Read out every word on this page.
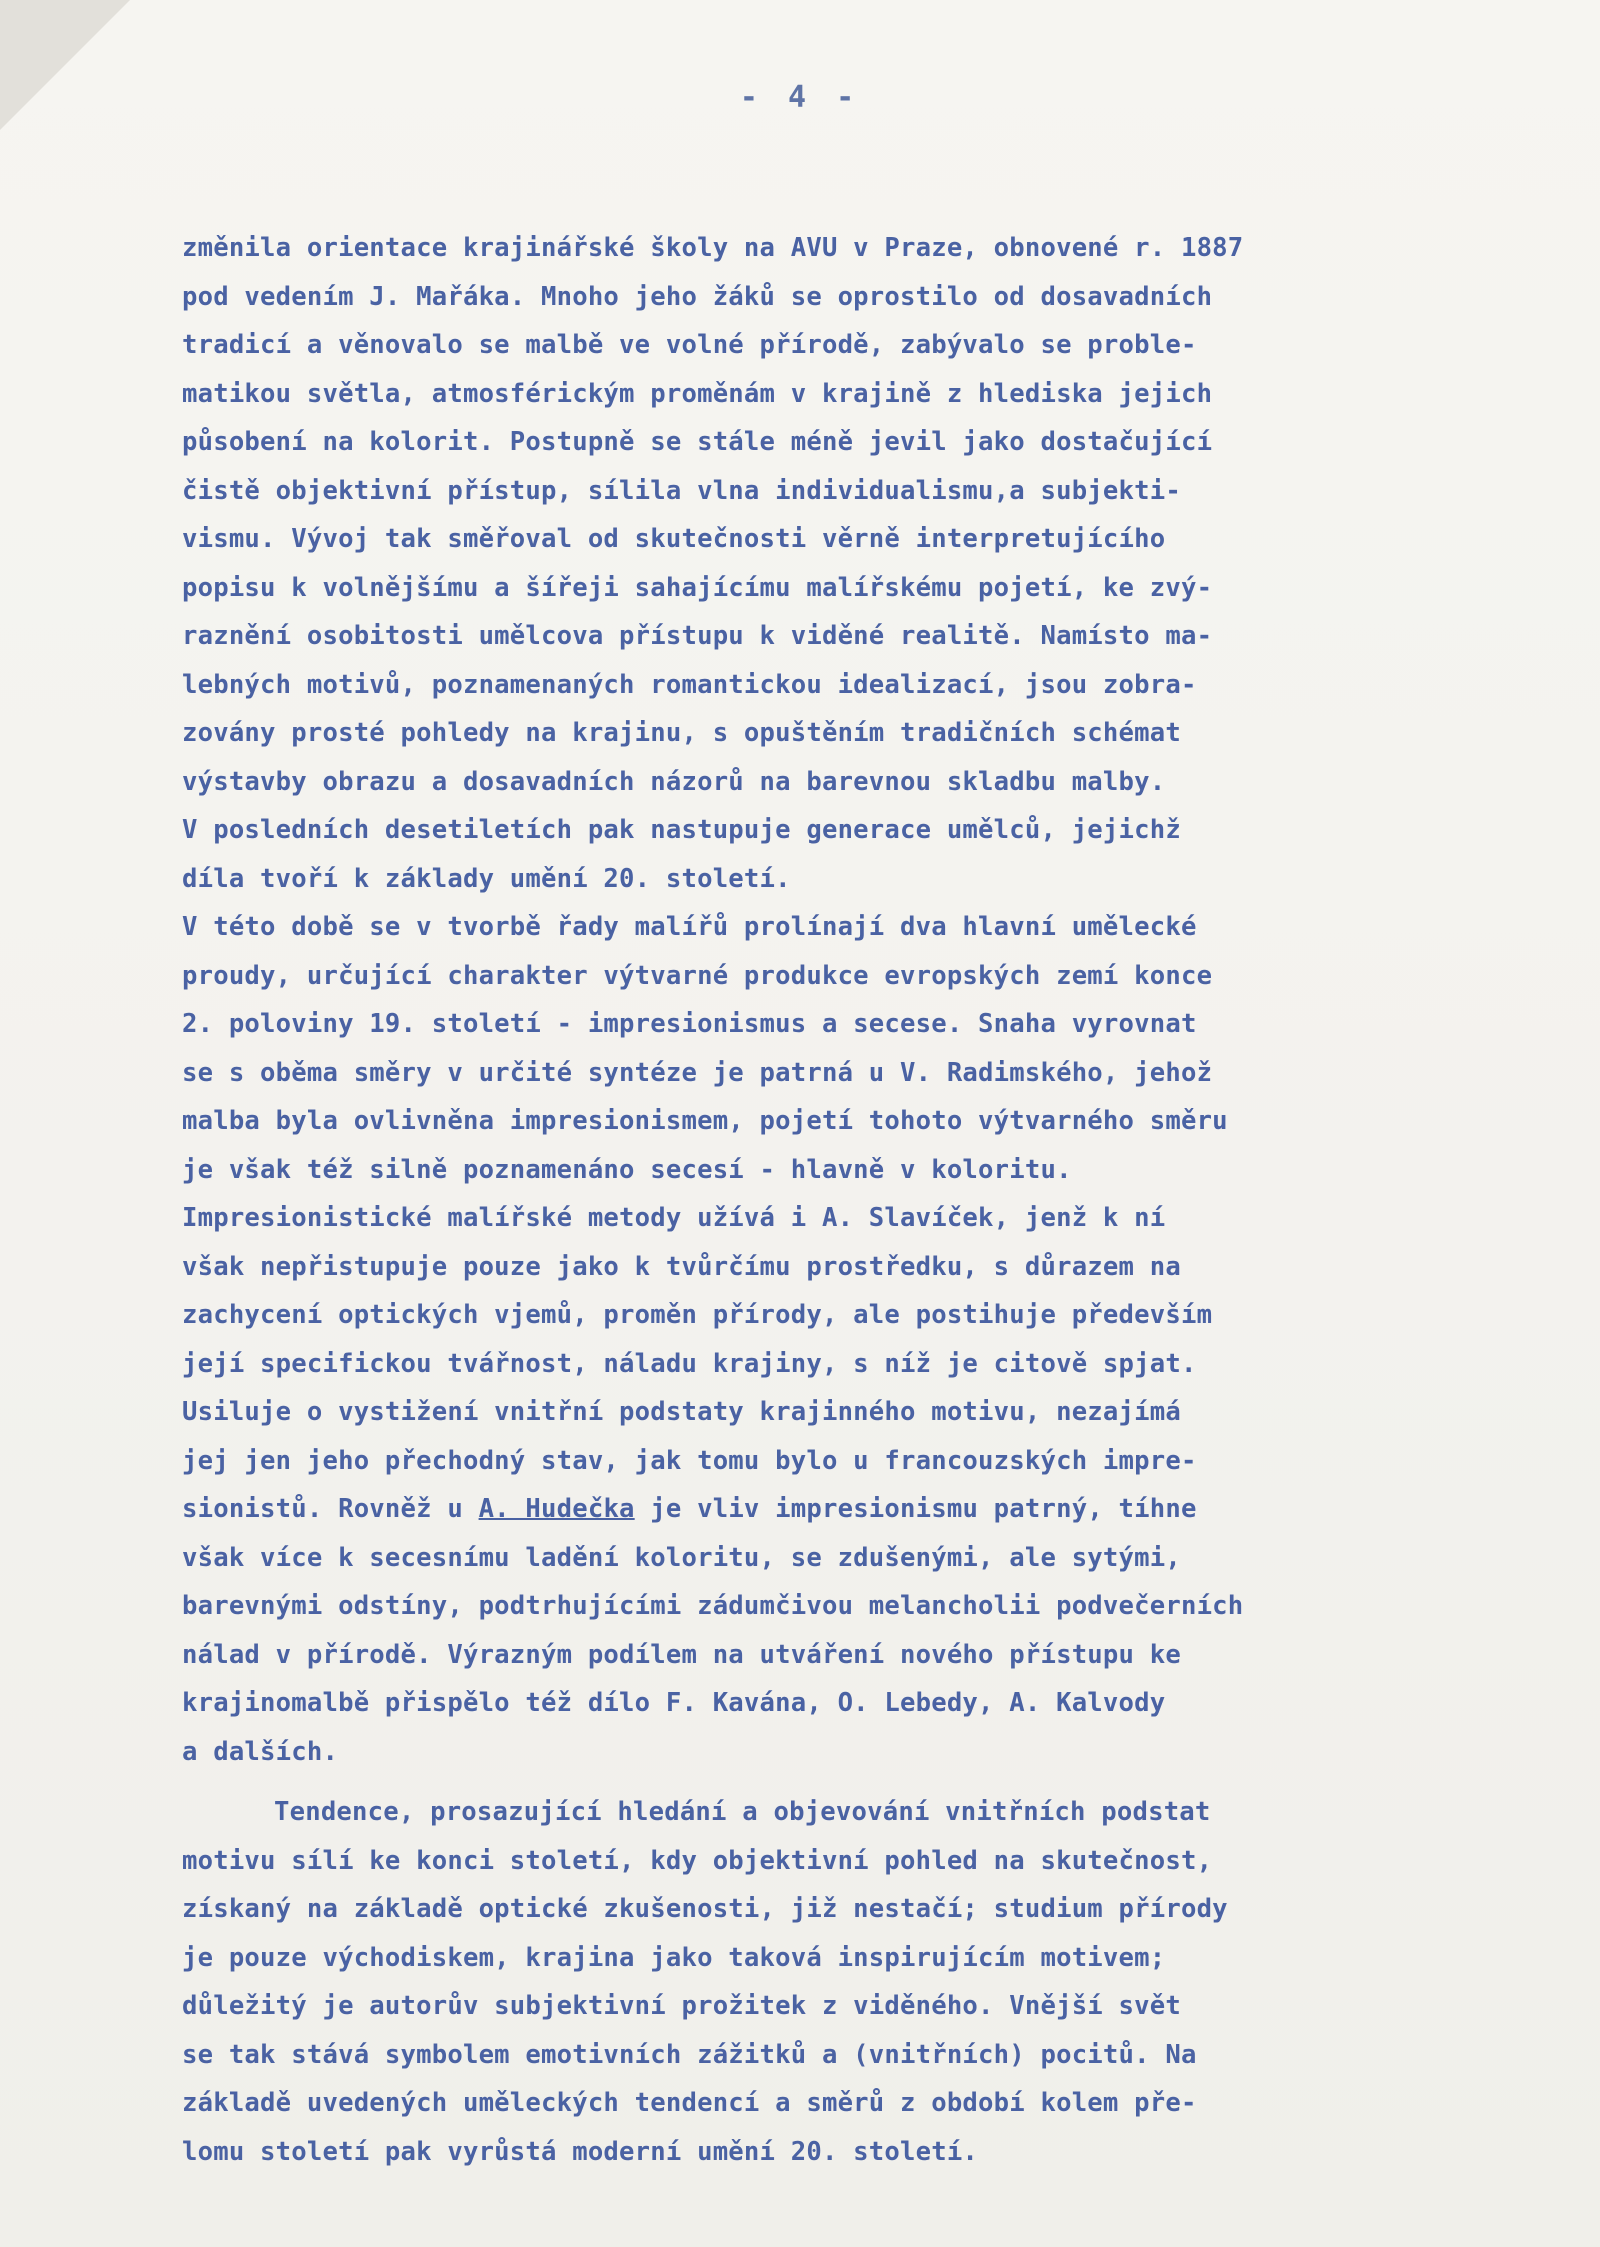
- 4 -
změnila orientace krajinářské školy na AVU v Praze, obnovené r. 1887
pod vedením J. Mařáka. Mnoho jeho žáků se oprostilo od dosavadních
tradicí a věnovalo se malbě ve volné přírodě, zabývalo se proble-
matikou světla, atmosférickým proměnám v krajině z hlediska jejich
působení na kolorit. Postupně se stále méně jevil jako dostačující
čistě objektivní přístup, sílila vlna individualismu,a subjekti-
vismu. Vývoj tak směřoval od skutečnosti věrně interpretujícího
popisu k volnějšímu a šířeji sahajícímu malířskému pojetí, ke zvý-
raznění osobitosti umělcova přístupu k viděné realitě. Namísto ma-
lebných motivů, poznamenaných romantickou idealizací, jsou zobra-
zovány prosté pohledy na krajinu, s opuštěním tradičních schémat
výstavby obrazu a dosavadních názorů na barevnou skladbu malby.
V posledních desetiletích pak nastupuje generace umělců, jejichž
díla tvoří k základy umění 20. století.
V této době se v tvorbě řady malířů prolínají dva hlavní umělecké
proudy, určující charakter výtvarné produkce evropských zemí konce
2. poloviny 19. století - impresionismus a secese. Snaha vyrovnat
se s oběma směry v určité syntéze je patrná u V. Radimského, jehož
malba byla ovlivněna impresionismem, pojetí tohoto výtvarného směru
je však též silně poznamenáno secesí - hlavně v koloritu.
Impresionistické malířské metody užívá i A. Slavíček, jenž k ní
však nepřistupuje pouze jako k tvůrčímu prostředku, s důrazem na
zachycení optických vjemů, proměn přírody, ale postihuje především
její specifickou tvářnost, náladu krajiny, s níž je citově spjat.
Usiluje o vystižení vnitřní podstaty krajinného motivu, nezajímá
jej jen jeho přechodný stav, jak tomu bylo u francouzských impre-
sionistů. Rovněž u A. Hudečka je vliv impresionismu patrný, tíhne
však více k secesnímu ladění koloritu, se zdušenými, ale sytými,
barevnými odstíny, podtrhujícími zádumčivou melancholii podvečerních
nálad v přírodě. Výrazným podílem na utváření nového přístupu ke
krajinomalbě přispělo též dílo F. Kavána, O. Lebedy, A. Kalvody
a dalších.
Tendence, prosazující hledání a objevování vnitřních podstat
motivu sílí ke konci století, kdy objektivní pohled na skutečnost,
získaný na základě optické zkušenosti, již nestačí; studium přírody
je pouze východiskem, krajina jako taková inspirujícím motivem;
důležitý je autorův subjektivní prožitek z viděného. Vnější svět
se tak stává symbolem emotivních zážitků a (vnitřních) pocitů. Na
základě uvedených uměleckých tendencí a směrů z období kolem pře-
lomu století pak vyrůstá moderní umění 20. století.
